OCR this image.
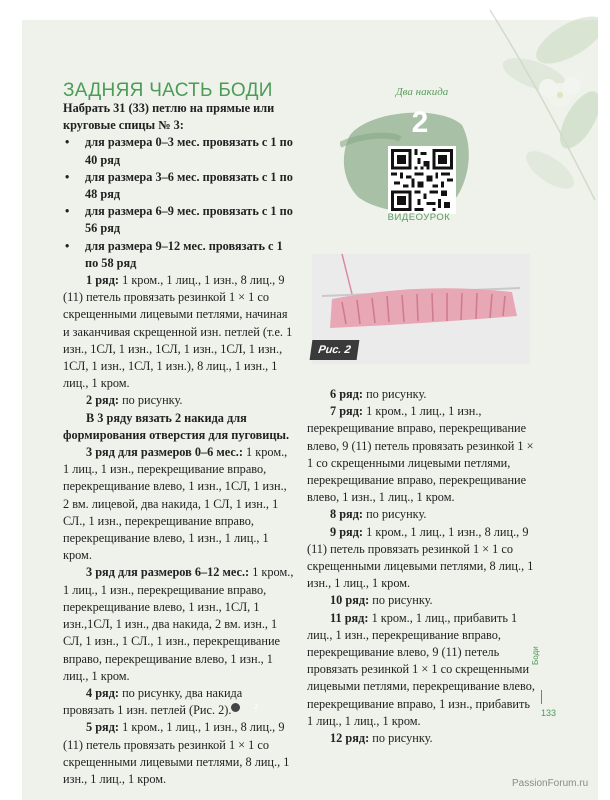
ЗАДНЯЯ ЧАСТЬ БОДИ

Набрать 31 (33) петлю на прямые или круговые спицы № 3:

• для размера 0–3 мес. провязать с 1 по 40 ряд
• для размера 3–6 мес. провязать с 1 по 48 ряд
• для размера 6–9 мес. провязать с 1 по 56 ряд
• для размера 9–12 мес. провязать с 1 по 58 ряд

1 ряд: 1 кром., 1 лиц., 1 изн., 8 лиц., 9 (11) петель провязать резинкой 1 × 1 со скрещенными лицевыми петлями, начиная и заканчивая скрещенной изн. петлей (т.е. 1 изн., 1СЛ, 1 изн., 1СЛ, 1 изн., 1СЛ, 1 изн., 1СЛ, 1 изн., 1СЛ, 1 изн.), 8 лиц., 1 изн., 1 лиц., 1 кром.

2 ряд: по рисунку.

В 3 ряду вязать 2 накида для формирования отверстия для пуговицы.

3 ряд для размеров 0–6 мес.: 1 кром., 1 лиц., 1 изн., перекрещивание вправо, перекрещивание влево, 1 изн., 1СЛ, 1 изн., 2 вм. лицевой, два накида, 1 СЛ, 1 изн., 1 СЛ., 1 изн., перекрещивание вправо, перекрещивание влево, 1 изн., 1 лиц., 1 кром.

3 ряд для размеров 6–12 мес.: 1 кром., 1 лиц., 1 изн., перекрещивание вправо, перекрещивание влево, 1 изн., 1СЛ, 1 изн.,1СЛ, 1 изн., два накида, 2 вм. изн., 1 СЛ, 1 изн., 1 СЛ., 1 изн., перекрещивание вправо, перекрещивание влево, 1 изн., 1 лиц., 1 кром.

4 ряд: по рисунку, два накида провязать 1 изн. петлей (Рис. 2).	2

5 ряд: 1 кром., 1 лиц., 1 изн., 8 лиц., 9 (11) петель провязать резинкой 1 × 1 со скрещенными лицевыми петлями, 8 лиц., 1 изн., 1 лиц., 1 кром.

Два накида
2
ВИДЕОУРОК
Рис. 2

6 ряд: по рисунку.

7 ряд: 1 кром., 1 лиц., 1 изн., перекрещивание вправо, перекрещивание влево, 9 (11) петель провязать резинкой 1 × 1 со скрещенными лицевыми петлями, перекрещивание вправо, перекрещивание влево, 1 изн., 1 лиц., 1 кром.

8 ряд: по рисунку.

9 ряд: 1 кром., 1 лиц., 1 изн., 8 лиц., 9 (11) петель провязать резинкой 1 × 1 со скрещенными лицевыми петлями, 8 лиц., 1 изн., 1 лиц., 1 кром.

10 ряд: по рисунку.

11 ряд: 1 кром., 1 лиц., прибавить 1 лиц., 1 изн., перекрещивание вправо, перекрещивание влево, 9 (11) петель провязать резинкой 1 × 1 со скрещенными лицевыми петлями, перекрещивание влево, перекрещивание вправо, 1 изн., прибавить 1 лиц., 1 лиц., 1 кром.

12 ряд: по рисунку.

Боди
133
PassionForum.ru
